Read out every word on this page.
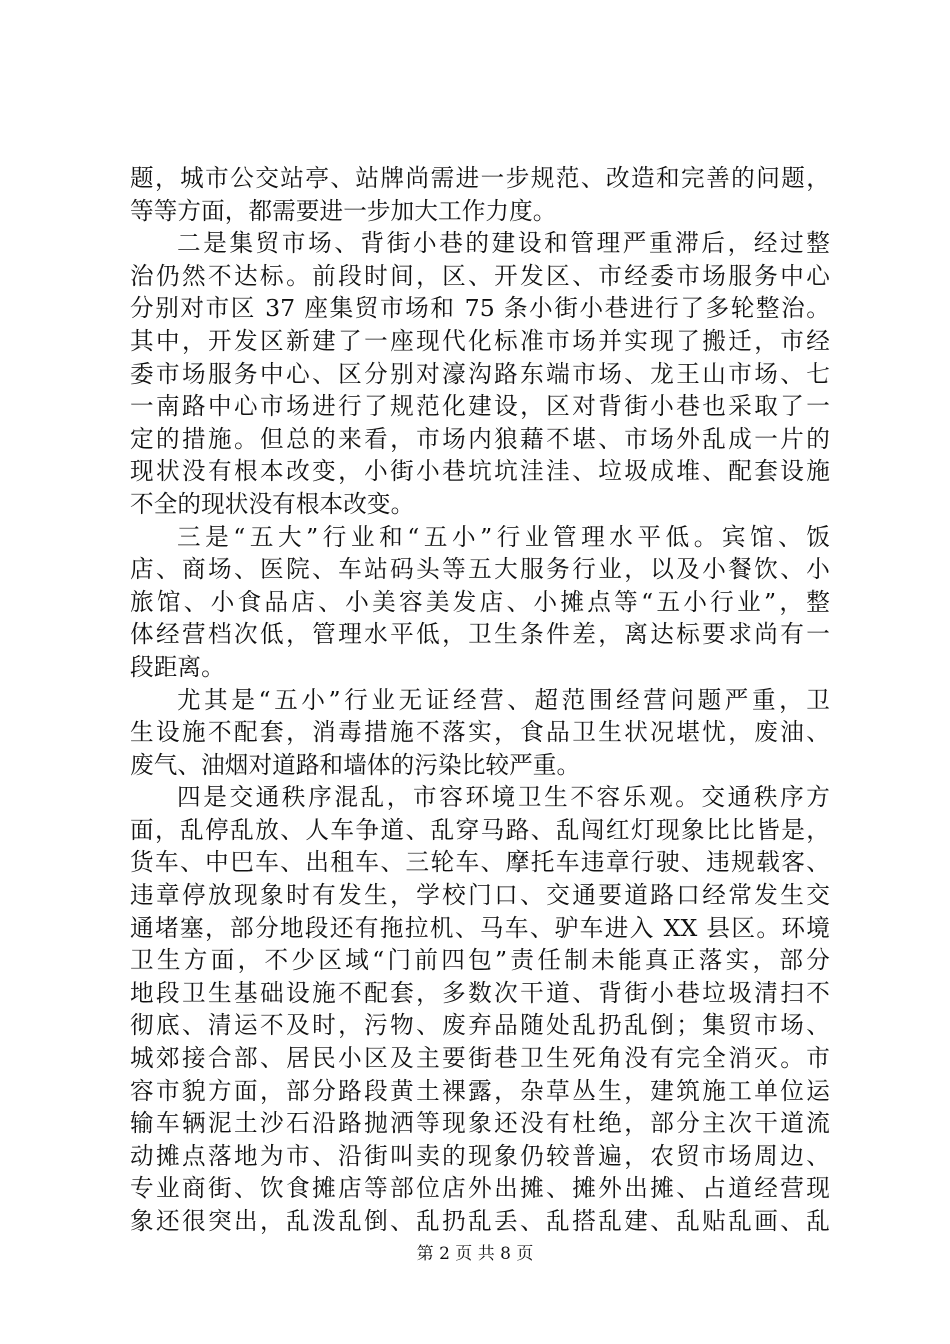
题，城市公交站亭、站牌尚需进一步规范、改造和完善的问题，
等等方面，都需要进一步加大工作力度。
二是集贸市场、背街小巷的建设和管理严重滞后，经过整
治仍然不达标。前段时间，区、开发区、市经委市场服务中心
分别对市区 37 座集贸市场和 75 条小街小巷进行了多轮整治。
其中，开发区新建了一座现代化标准市场并实现了搬迁，市经
委市场服务中心、区分别对濠沟路东端市场、龙王山市场、七
一南路中心市场进行了规范化建设，区对背街小巷也采取了一
定的措施。但总的来看，市场内狼藉不堪、市场外乱成一片的
现状没有根本改变，小街小巷坑坑洼洼、垃圾成堆、配套设施
不全的现状没有根本改变。
三是“五大”行业和“五小”行业管理水平低。宾馆、饭
店、商场、医院、车站码头等五大服务行业，以及小餐饮、小
旅馆、小食品店、小美容美发店、小摊点等“五小行业”，整
体经营档次低，管理水平低，卫生条件差，离达标要求尚有一
段距离。
尤其是“五小”行业无证经营、超范围经营问题严重，卫
生设施不配套，消毒措施不落实，食品卫生状况堪忧，废油、
废气、油烟对道路和墙体的污染比较严重。
四是交通秩序混乱，市容环境卫生不容乐观。交通秩序方
面，乱停乱放、人车争道、乱穿马路、乱闯红灯现象比比皆是，
货车、中巴车、出租车、三轮车、摩托车违章行驶、违规载客、
违章停放现象时有发生，学校门口、交通要道路口经常发生交
通堵塞，部分地段还有拖拉机、马车、驴车进入 XX 县区。环境
卫生方面，不少区域“门前四包”责任制未能真正落实，部分
地段卫生基础设施不配套，多数次干道、背街小巷垃圾清扫不
彻底、清运不及时，污物、废弃品随处乱扔乱倒；集贸市场、
城郊接合部、居民小区及主要街巷卫生死角没有完全消灭。市
容市貌方面，部分路段黄土裸露，杂草丛生，建筑施工单位运
输车辆泥土沙石沿路抛洒等现象还没有杜绝，部分主次干道流
动摊点落地为市、沿街叫卖的现象仍较普遍，农贸市场周边、
专业商街、饮食摊店等部位店外出摊、摊外出摊、占道经营现
象还很突出，乱泼乱倒、乱扔乱丢、乱搭乱建、乱贴乱画、乱
第 2 页 共 8 页
